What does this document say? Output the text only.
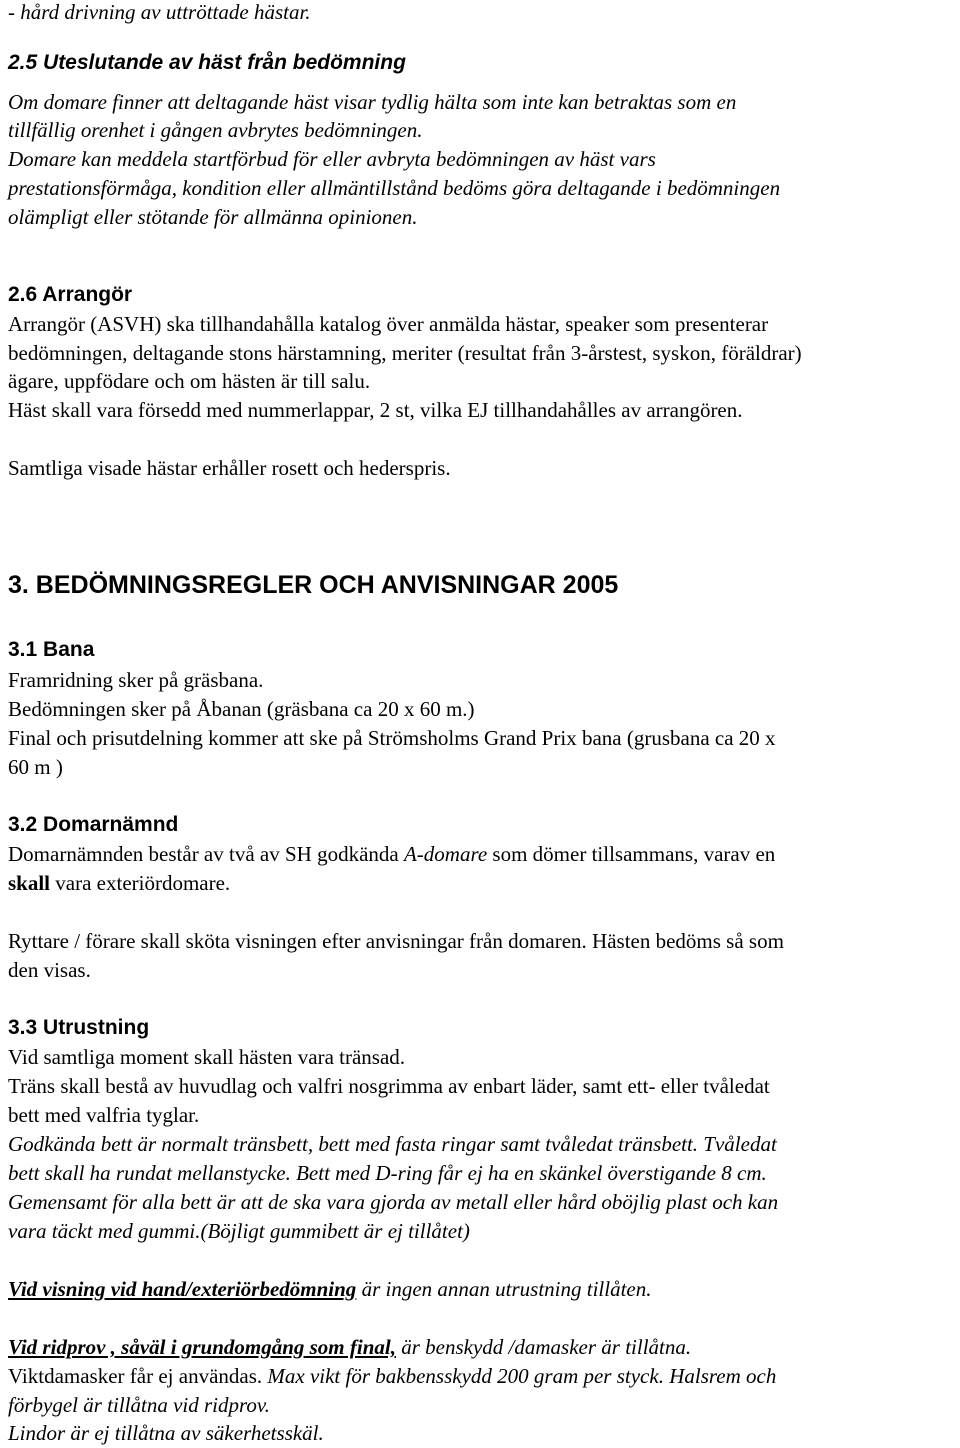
- hård drivning av uttröttade hästar.
2.5 Uteslutande av häst från bedömning
Om domare finner att deltagande häst visar tydlig hälta som inte kan betraktas som en
tillfällig orenhet i gången avbrytes bedömningen.
Domare kan meddela startförbud för eller avbryta bedömningen av häst vars
prestationsförmåga, kondition eller allmäntillstånd bedöms göra deltagande i bedömningen
olämpligt eller stötande för allmänna opinionen.
2.6 Arrangör
Arrangör (ASVH) ska tillhandahålla katalog över anmälda hästar, speaker som presenterar
bedömningen, deltagande stons härstamning, meriter (resultat från 3-årstest, syskon, föräldrar)
ägare, uppfödare och om hästen är till salu.
Häst skall vara försedd med nummerlappar, 2 st, vilka EJ tillhandahålles av arrangören.
Samtliga visade hästar erhåller rosett och hederspris.
3. BEDÖMNINGSREGLER OCH ANVISNINGAR 2005
3.1 Bana
Framridning sker på gräsbana.
Bedömningen sker på Åbanan (gräsbana ca 20 x 60 m.)
Final och prisutdelning kommer att ske på Strömsholms Grand Prix bana (grusbana ca 20 x
60 m )
3.2 Domarnämnd
Domarnämnden består av två av SH godkända A-domare som dömer tillsammans, varav en
skall vara exteriördomare.
Ryttare / förare skall sköta visningen efter anvisningar från domaren. Hästen bedöms så som
den visas.
3.3 Utrustning
Vid samtliga moment skall hästen vara tränsad.
Träns skall bestå av huvudlag och valfri nosgrimma av enbart läder, samt ett- eller tvåledat
bett med valfria tyglar.
Godkända bett är normalt tränsbett, bett med fasta ringar samt tvåledat tränsbett. Tvåledat
bett skall ha rundat mellanstycke. Bett med D-ring får ej ha en skänkel överstigande 8 cm.
Gemensamt för alla bett är att de ska vara gjorda av metall eller hård oböjlig plast och kan
vara täckt med gummi.(Böjligt gummibett är ej tillåtet)
Vid visning vid hand/exteriörbedömning är ingen annan utrustning tillåten.
Vid ridprov , såväl i grundomgång som final, är benskydd /damasker är tillåtna.
Viktdamasker får ej användas. Max vikt för bakbensskydd 200 gram per styck. Halsrem och
förbygel är tillåtna vid ridprov.
Lindor är ej tillåtna av säkerhetsskäl.
